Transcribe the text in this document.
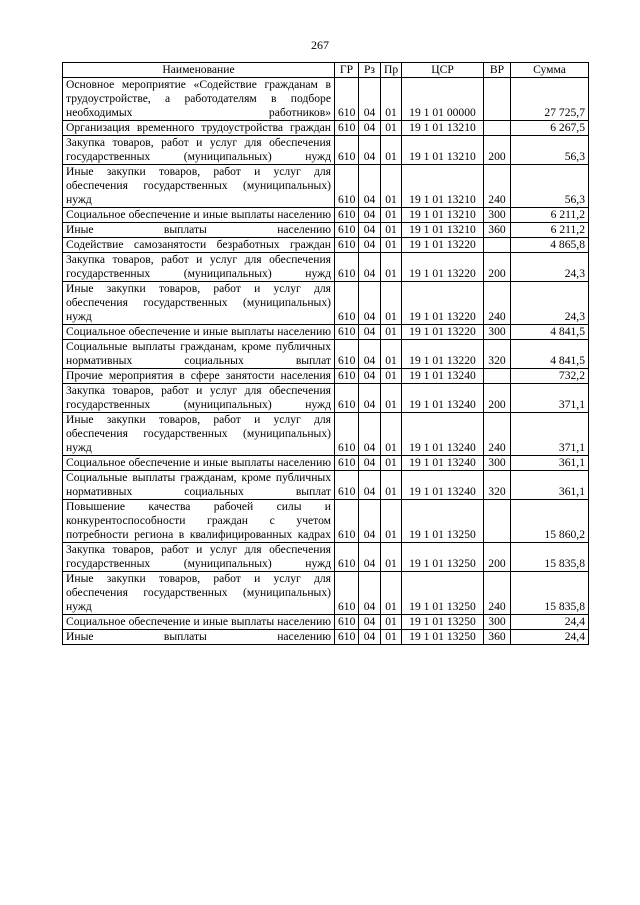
267
Наименование	ГР	Рз	Пр	ЦСР	ВР	Сумма
Основное мероприятие «Содействие гражданам в трудоустройстве, а работодателям в подборе необходимых работников»	610	04	01	19 1 01 00000		27 725,7
Организация временного трудоустройства граждан	610	04	01	19 1 01 13210		6 267,5
Закупка товаров, работ и услуг для обеспечения государственных (муниципальных) нужд	610	04	01	19 1 01 13210	200	56,3
Иные закупки товаров, работ и услуг для обеспечения государственных (муниципальных) нужд	610	04	01	19 1 01 13210	240	56,3
Социальное обеспечение и иные выплаты населению	610	04	01	19 1 01 13210	300	6 211,2
Иные выплаты населению	610	04	01	19 1 01 13210	360	6 211,2
Содействие самозанятости безработных граждан	610	04	01	19 1 01 13220		4 865,8
Закупка товаров, работ и услуг для обеспечения государственных (муниципальных) нужд	610	04	01	19 1 01 13220	200	24,3
Иные закупки товаров, работ и услуг для обеспечения государственных (муниципальных) нужд	610	04	01	19 1 01 13220	240	24,3
Социальное обеспечение и иные выплаты населению	610	04	01	19 1 01 13220	300	4 841,5
Социальные выплаты гражданам, кроме публичных нормативных социальных выплат	610	04	01	19 1 01 13220	320	4 841,5
Прочие мероприятия в сфере занятости населения	610	04	01	19 1 01 13240		732,2
Закупка товаров, работ и услуг для обеспечения государственных (муниципальных) нужд	610	04	01	19 1 01 13240	200	371,1
Иные закупки товаров, работ и услуг для обеспечения государственных (муниципальных) нужд	610	04	01	19 1 01 13240	240	371,1
Социальное обеспечение и иные выплаты населению	610	04	01	19 1 01 13240	300	361,1
Социальные выплаты гражданам, кроме публичных нормативных социальных выплат	610	04	01	19 1 01 13240	320	361,1
Повышение качества рабочей силы и конкурентоспособности граждан с учетом потребности региона в квалифицированных кадрах	610	04	01	19 1 01 13250		15 860,2
Закупка товаров, работ и услуг для обеспечения государственных (муниципальных) нужд	610	04	01	19 1 01 13250	200	15 835,8
Иные закупки товаров, работ и услуг для обеспечения государственных (муниципальных) нужд	610	04	01	19 1 01 13250	240	15 835,8
Социальное обеспечение и иные выплаты населению	610	04	01	19 1 01 13250	300	24,4
Иные выплаты населению	610	04	01	19 1 01 13250	360	24,4
